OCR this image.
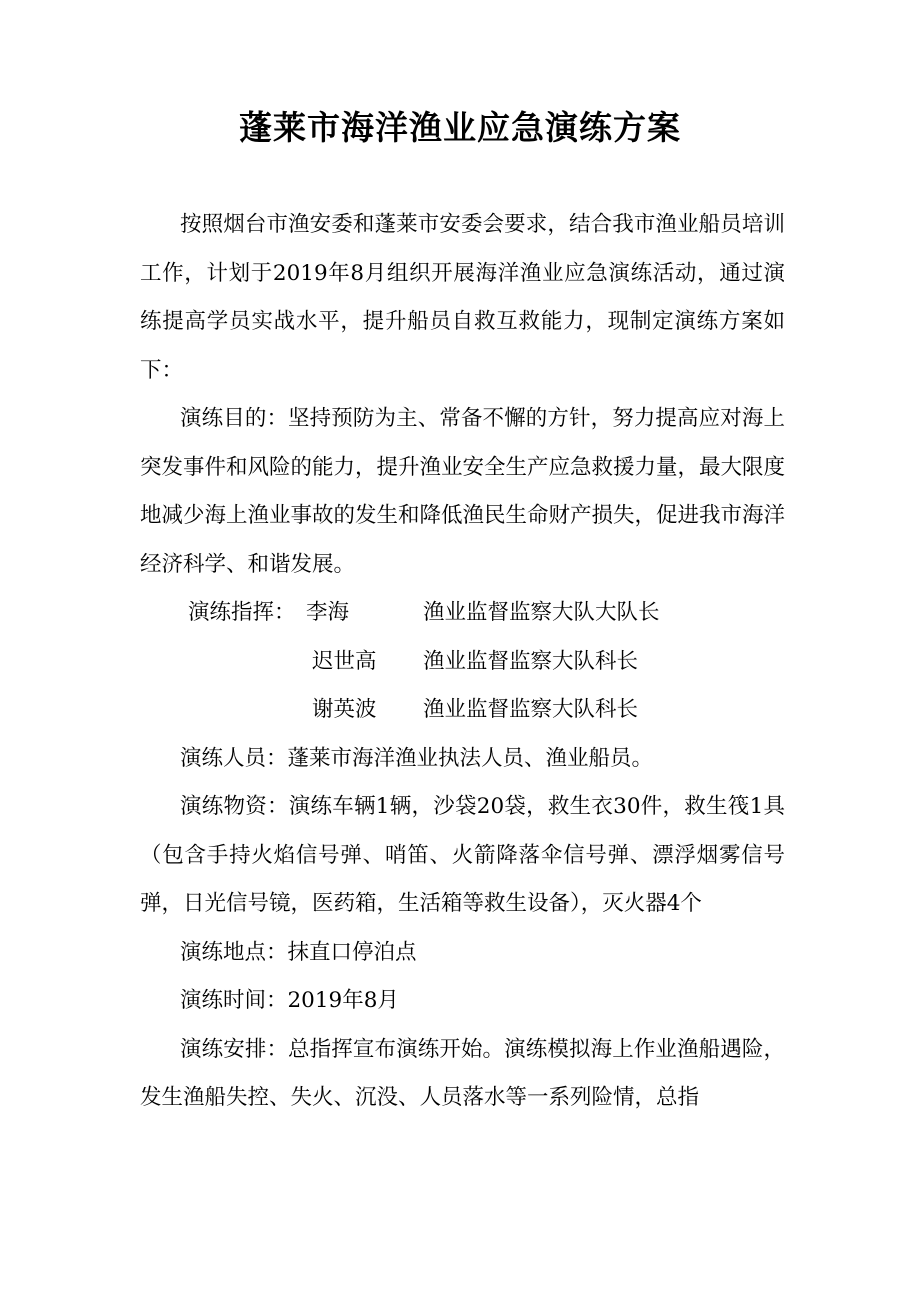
蓬莱市海洋渔业应急演练方案

按照烟台市渔安委和蓬莱市安委会要求，结合我市渔业船员培训工作，计划于2019年8月组织开展海洋渔业应急演练活动，通过演练提高学员实战水平，提升船员自救互救能力，现制定演练方案如下：

演练目的：坚持预防为主、常备不懈的方针，努力提高应对海上突发事件和风险的能力，提升渔业安全生产应急救援力量，最大限度地减少海上渔业事故的发生和降低渔民生命财产损失，促进我市海洋经济科学、和谐发展。

演练指挥： 李海	渔业监督监察大队大队长
迟世高 渔业监督监察大队科长
谢英波 渔业监督监察大队科长

演练人员：蓬莱市海洋渔业执法人员、渔业船员。

演练物资：演练车辆1辆，沙袋20袋，救生衣30件，救生筏1具（包含手持火焰信号弹、哨笛、火箭降落伞信号弹、漂浮烟雾信号弹，日光信号镜，医药箱，生活箱等救生设备），灭火器4个

演练地点：抹直口停泊点

演练时间：2019年8月

演练安排：总指挥宣布演练开始。演练模拟海上作业渔船遇险，发生渔船失控、失火、沉没、人员落水等一系列险情，总指
